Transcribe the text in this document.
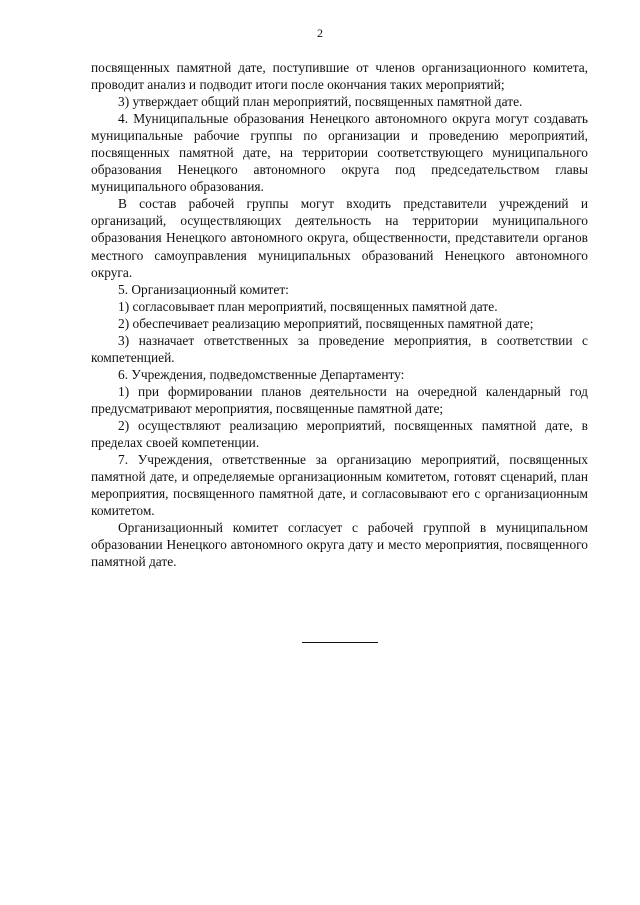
2

посвященных памятной дате, поступившие от членов организационного комитета, проводит анализ и подводит итоги после окончания таких мероприятий;

3) утверждает общий план мероприятий, посвященных памятной дате.

4. Муниципальные образования Ненецкого автономного округа могут создавать муниципальные рабочие группы по организации и проведению мероприятий, посвященных памятной дате, на территории соответствующего муниципального образования Ненецкого автономного округа под председательством главы муниципального образования.

В состав рабочей группы могут входить представители учреждений и организаций, осуществляющих деятельность на территории муниципального образования Ненецкого автономного округа, общественности, представители органов местного самоуправления муниципальных образований Ненецкого автономного округа.

5. Организационный комитет:

1) согласовывает план мероприятий, посвященных памятной дате.

2) обеспечивает реализацию мероприятий, посвященных памятной дате;

3) назначает ответственных за проведение мероприятия, в соответствии с компетенцией.

6. Учреждения, подведомственные Департаменту:

1) при формировании планов деятельности на очередной календарный год предусматривают мероприятия, посвященные памятной дате;

2) осуществляют реализацию мероприятий, посвященных памятной дате, в пределах своей компетенции.

7. Учреждения, ответственные за организацию мероприятий, посвященных памятной дате, и определяемые организационным комитетом, готовят сценарий, план мероприятия, посвященного памятной дате, и согласовывают его с организационным комитетом.

Организационный комитет согласует с рабочей группой в муниципальном образовании Ненецкого автономного округа дату и место мероприятия, посвященного памятной дате.
